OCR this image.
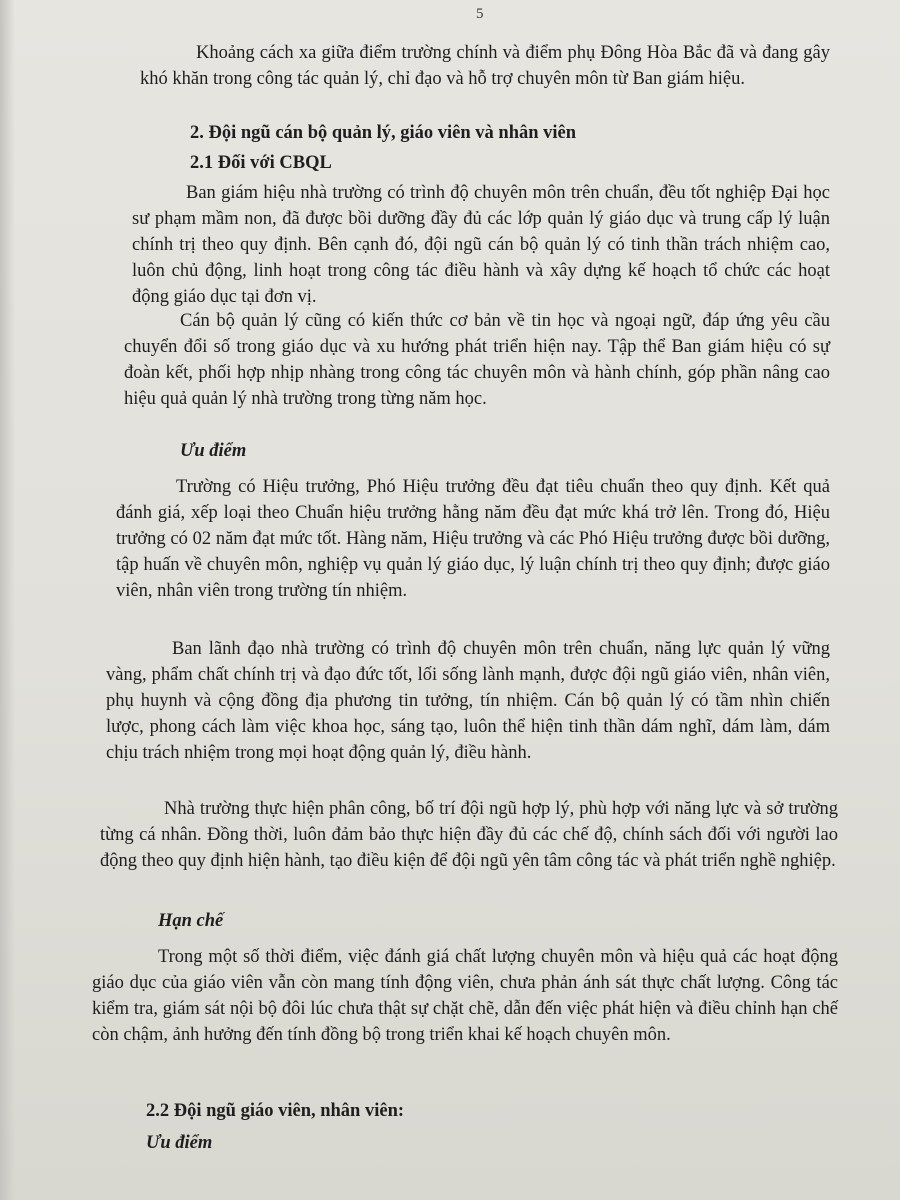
5

Khoảng cách xa giữa điểm trường chính và điểm phụ Đông Hòa Bắc đã và đang gây khó khăn trong công tác quản lý, chỉ đạo và hỗ trợ chuyên môn từ Ban giám hiệu.

2. Đội ngũ cán bộ quản lý, giáo viên và nhân viên

2.1 Đối với CBQL

Ban giám hiệu nhà trường có trình độ chuyên môn trên chuẩn, đều tốt nghiệp Đại học sư phạm mầm non, đã được bồi dưỡng đầy đủ các lớp quản lý giáo dục và trung cấp lý luận chính trị theo quy định. Bên cạnh đó, đội ngũ cán bộ quản lý có tinh thần trách nhiệm cao, luôn chủ động, linh hoạt trong công tác điều hành và xây dựng kế hoạch tổ chức các hoạt động giáo dục tại đơn vị.

Cán bộ quản lý cũng có kiến thức cơ bản về tin học và ngoại ngữ, đáp ứng yêu cầu chuyển đổi số trong giáo dục và xu hướng phát triển hiện nay. Tập thể Ban giám hiệu có sự đoàn kết, phối hợp nhịp nhàng trong công tác chuyên môn và hành chính, góp phần nâng cao hiệu quả quản lý nhà trường trong từng năm học.

Ưu điểm

Trường có Hiệu trưởng, Phó Hiệu trưởng đều đạt tiêu chuẩn theo quy định. Kết quả đánh giá, xếp loại theo Chuẩn hiệu trưởng hằng năm đều đạt mức khá trở lên. Trong đó, Hiệu trưởng có 02 năm đạt mức tốt. Hàng năm, Hiệu trưởng và các Phó Hiệu trưởng được bồi dưỡng, tập huấn về chuyên môn, nghiệp vụ quản lý giáo dục, lý luận chính trị theo quy định; được giáo viên, nhân viên trong trường tín nhiệm.

Ban lãnh đạo nhà trường có trình độ chuyên môn trên chuẩn, năng lực quản lý vững vàng, phẩm chất chính trị và đạo đức tốt, lối sống lành mạnh, được đội ngũ giáo viên, nhân viên, phụ huynh và cộng đồng địa phương tin tưởng, tín nhiệm. Cán bộ quản lý có tầm nhìn chiến lược, phong cách làm việc khoa học, sáng tạo, luôn thể hiện tinh thần dám nghĩ, dám làm, dám chịu trách nhiệm trong mọi hoạt động quản lý, điều hành.

Nhà trường thực hiện phân công, bố trí đội ngũ hợp lý, phù hợp với năng lực và sở trường từng cá nhân. Đồng thời, luôn đảm bảo thực hiện đầy đủ các chế độ, chính sách đối với người lao động theo quy định hiện hành, tạo điều kiện để đội ngũ yên tâm công tác và phát triển nghề nghiệp.

Hạn chế

Trong một số thời điểm, việc đánh giá chất lượng chuyên môn và hiệu quả các hoạt động giáo dục của giáo viên vẫn còn mang tính động viên, chưa phản ánh sát thực chất lượng. Công tác kiểm tra, giám sát nội bộ đôi lúc chưa thật sự chặt chẽ, dẫn đến việc phát hiện và điều chỉnh hạn chế còn chậm, ảnh hưởng đến tính đồng bộ trong triển khai kế hoạch chuyên môn.

2.2 Đội ngũ giáo viên, nhân viên:

Ưu điểm
